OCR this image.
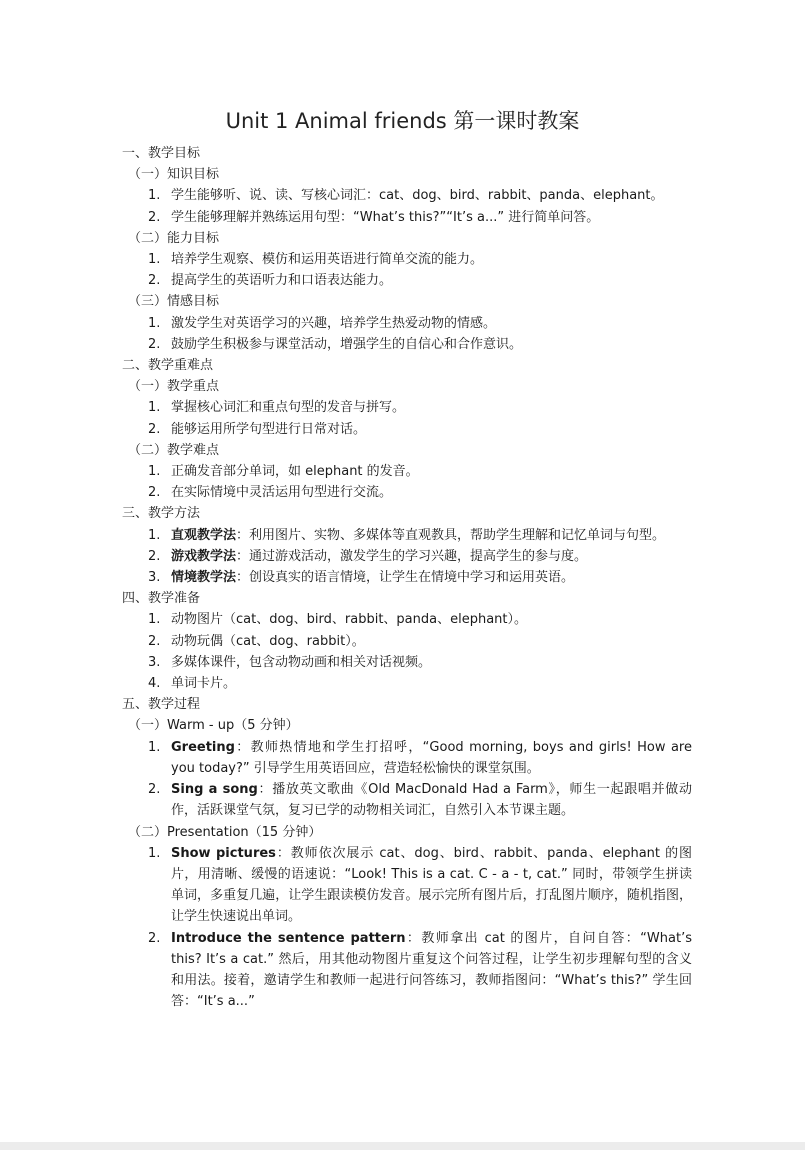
Unit 1 Animal friends 第一课时教案
一、教学目标
（一）知识目标
1. 学生能够听、说、读、写核心词汇：cat、dog、bird、rabbit、panda、elephant。
2. 学生能够理解并熟练运用句型：“What’s this?”“It’s a...” 进行简单问答。
（二）能力目标
1. 培养学生观察、模仿和运用英语进行简单交流的能力。
2. 提高学生的英语听力和口语表达能力。
（三）情感目标
1. 激发学生对英语学习的兴趣，培养学生热爱动物的情感。
2. 鼓励学生积极参与课堂活动，增强学生的自信心和合作意识。
二、教学重难点
（一）教学重点
1. 掌握核心词汇和重点句型的发音与拼写。
2. 能够运用所学句型进行日常对话。
（二）教学难点
1. 正确发音部分单词，如 elephant 的发音。
2. 在实际情境中灵活运用句型进行交流。
三、教学方法
1. 直观教学法：利用图片、实物、多媒体等直观教具，帮助学生理解和记忆单词与句型。
2. 游戏教学法：通过游戏活动，激发学生的学习兴趣，提高学生的参与度。
3. 情境教学法：创设真实的语言情境，让学生在情境中学习和运用英语。
四、教学准备
1. 动物图片（cat、dog、bird、rabbit、panda、elephant）。
2. 动物玩偶（cat、dog、rabbit）。
3. 多媒体课件，包含动物动画和相关对话视频。
4. 单词卡片。
五、教学过程
（一）Warm - up（5 分钟）
1. Greeting：教师热情地和学生打招呼，“Good morning, boys and girls! How are you today?” 引导学生用英语回应，营造轻松愉快的课堂氛围。
2. Sing a song：播放英文歌曲《Old MacDonald Had a Farm》，师生一起跟唱并做动作，活跃课堂气氛，复习已学的动物相关词汇，自然引入本节课主题。
（二）Presentation（15 分钟）
1. Show pictures：教师依次展示 cat、dog、bird、rabbit、panda、elephant 的图片，用清晰、缓慢的语速说：“Look! This is a cat. C - a - t, cat.” 同时，带领学生拼读单词，多重复几遍，让学生跟读模仿发音。展示完所有图片后，打乱图片顺序，随机指图，让学生快速说出单词。
2. Introduce the sentence pattern：教师拿出 cat 的图片，自问自答：“What’s this? It’s a cat.” 然后，用其他动物图片重复这个问答过程，让学生初步理解句型的含义和用法。接着，邀请学生和教师一起进行问答练习，教师指图问：“What’s this?” 学生回答：“It’s a...”
